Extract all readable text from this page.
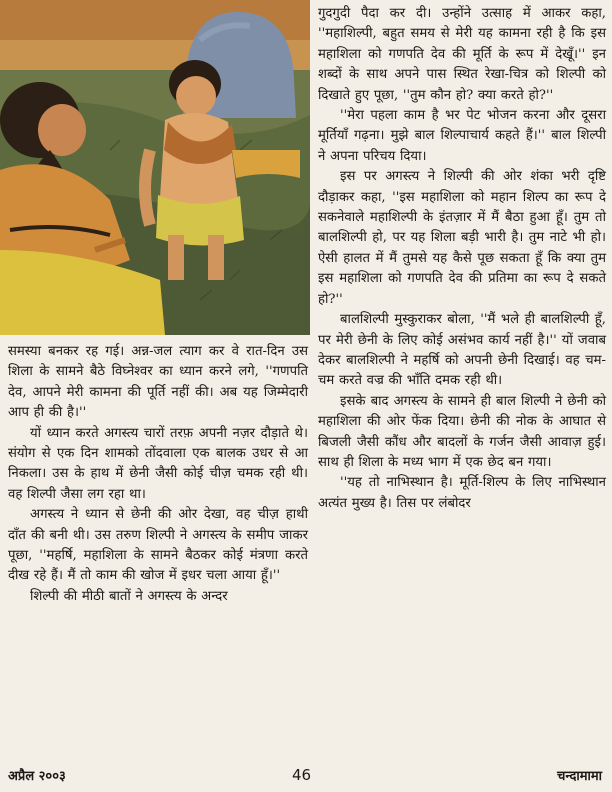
समस्या बनकर रह गई। अन्न-जल त्याग कर वे रात-दिन उस शिला के सामने बैठे विघ्नेश्वर का ध्यान करने लगे, ''गणपति देव, आपने मेरी कामना की पूर्ति नहीं की। अब यह जिम्मेदारी आप ही की है।''

यों ध्यान करते अगस्त्य चारों तरफ़ अपनी नज़र दौड़ाते थे। संयोग से एक दिन शामको तोंदवाला एक बालक उधर से आ निकला। उस के हाथ में छेनी जैसी कोई चीज़ चमक रही थी। वह शिल्पी जैसा लग रहा था।

अगस्त्य ने ध्यान से छेनी की ओर देखा, वह चीज़ हाथी दाँत की बनी थी। उस तरुण शिल्पी ने अगस्त्य के समीप जाकर पूछा, ''महर्षि, महाशिला के सामने बैठकर कोई मंत्रणा करते दीख रहे हैं। मैं तो काम की खोज में इधर चला आया हूँ।''

शिल्पी की मीठी बातों ने अगस्त्य के अन्दर

गुदगुदी पैदा कर दी। उन्होंने उत्साह में आकर कहा, ''महाशिल्पी, बहुत समय से मेरी यह कामना रही है कि इस महाशिला को गणपति देव की मूर्ति के रूप में देखूँ।'' इन शब्दों के साथ अपने पास स्थित रेखा-चित्र को शिल्पी को दिखाते हुए पूछा, ''तुम कौन हो? क्या करते हो?''

''मेरा पहला काम है भर पेट भोजन करना और दूसरा मूर्तियाँ गढ़ना। मुझे बाल शिल्पाचार्य कहते हैं।'' बाल शिल्पी ने अपना परिचय दिया।

इस पर अगस्त्य ने शिल्पी की ओर शंका भरी दृष्टि दौड़ाकर कहा, ''इस महाशिला को महान शिल्प का रूप दे सकनेवाले महाशिल्पी के इंतज़ार में मैं बैठा हुआ हूँ। तुम तो बालशिल्पी हो, पर यह शिला बड़ी भारी है। तुम नाटे भी हो। ऐसी हालत में मैं तुमसे यह कैसे पूछ सकता हूँ कि क्या तुम इस महाशिला को गणपति देव की प्रतिमा का रूप दे सकते हो?''

बालशिल्पी मुस्कुराकर बोला, ''मैं भले ही बालशिल्पी हूँ, पर मेरी छेनी के लिए कोई असंभव कार्य नहीं है।'' यों जवाब देकर बालशिल्पी ने महर्षि को अपनी छेनी दिखाई। वह चम-चम करते वज्र की भाँति दमक रही थी।

इसके बाद अगस्त्य के सामने ही बाल शिल्पी ने छेनी को महाशिला की ओर फेंक दिया। छेनी की नोक के आघात से बिजली जैसी कौंध और बादलों के गर्जन जैसी आवाज़ हुई। साथ ही शिला के मध्य भाग में एक छेद बन गया।

''यह तो नाभिस्थान है। मूर्ति-शिल्प के लिए नाभिस्थान अत्यंत मुख्य है। तिस पर लंबोदर

अप्रैल २००३	46	चन्दामामा
